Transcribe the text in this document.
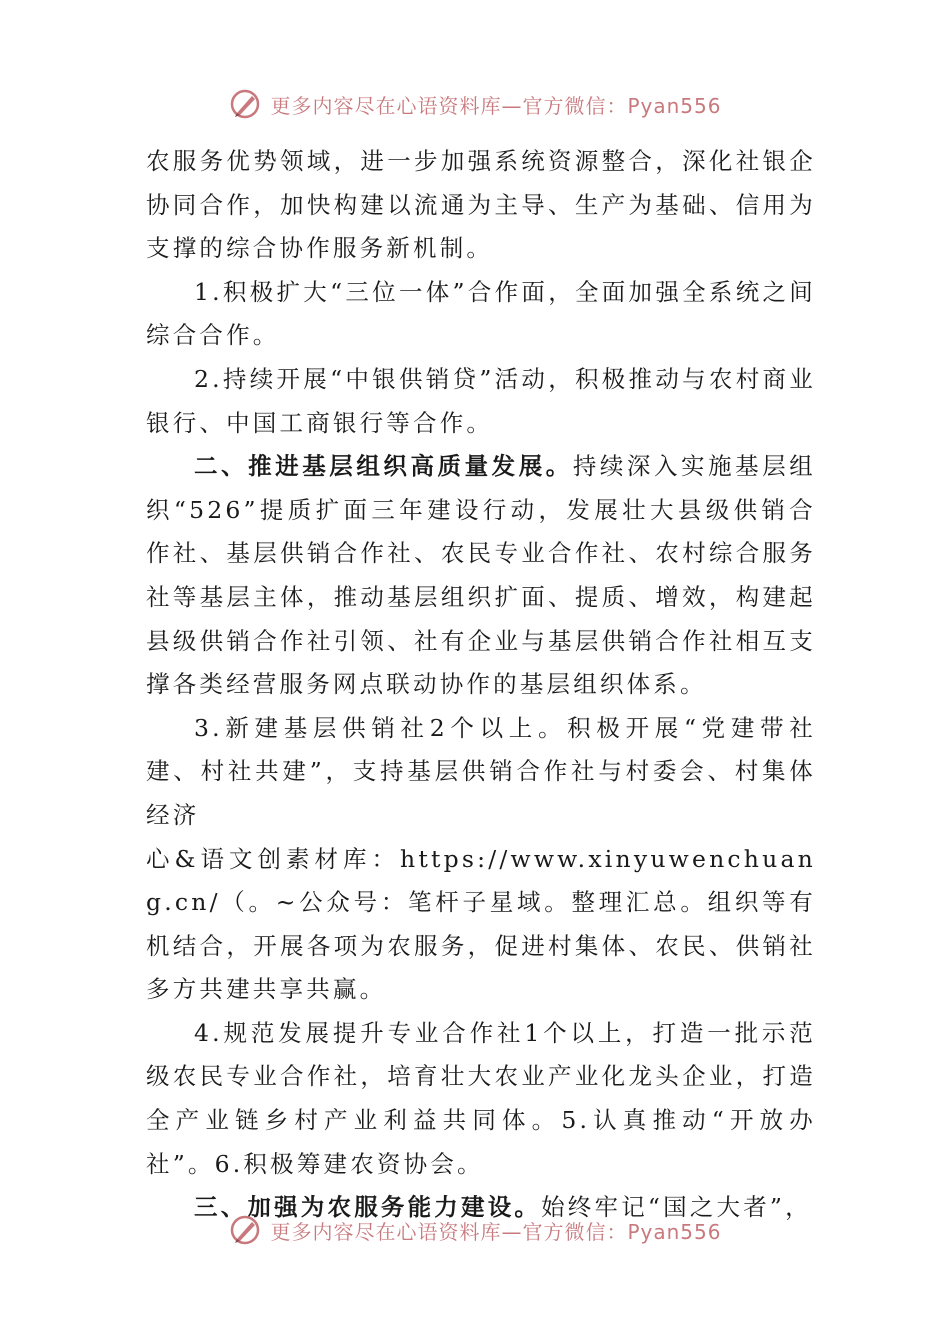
更多内容尽在心语资料库—官方微信：Pyan556

农服务优势领域，进一步加强系统资源整合，深化社银企协同合作，加快构建以流通为主导、生产为基础、信用为支撑的综合协作服务新机制。

1.积极扩大“三位一体”合作面，全面加强全系统之间综合合作。

2.持续开展“中银供销贷”活动，积极推动与农村商业银行、中国工商银行等合作。

二、推进基层组织高质量发展。持续深入实施基层组织“526”提质扩面三年建设行动，发展壮大县级供销合作社、基层供销合作社、农民专业合作社、农村综合服务社等基层主体，推动基层组织扩面、提质、增效，构建起县级供销合作社引领、社有企业与基层供销合作社相互支撑各类经营服务网点联动协作的基层组织体系。

3.新建基层供销社2个以上。积极开展“党建带社建、村社共建”，支持基层供销合作社与村委会、村集体经济

心&语文创素材库：https://www.xinyuwenchuang.cn/（。~公众号：笔杆子星域。整理汇总。组织等有机结合，开展各项为农服务，促进村集体、农民、供销社多方共建共享共赢。

4.规范发展提升专业合作社1个以上，打造一批示范级农民专业合作社，培育壮大农业产业化龙头企业，打造全产业链乡村产业利益共同体。5.认真推动“开放办社”。6.积极筹建农资协会。

三、加强为农服务能力建设。始终牢记“国之大者”，

更多内容尽在心语资料库—官方微信：Pyan556
